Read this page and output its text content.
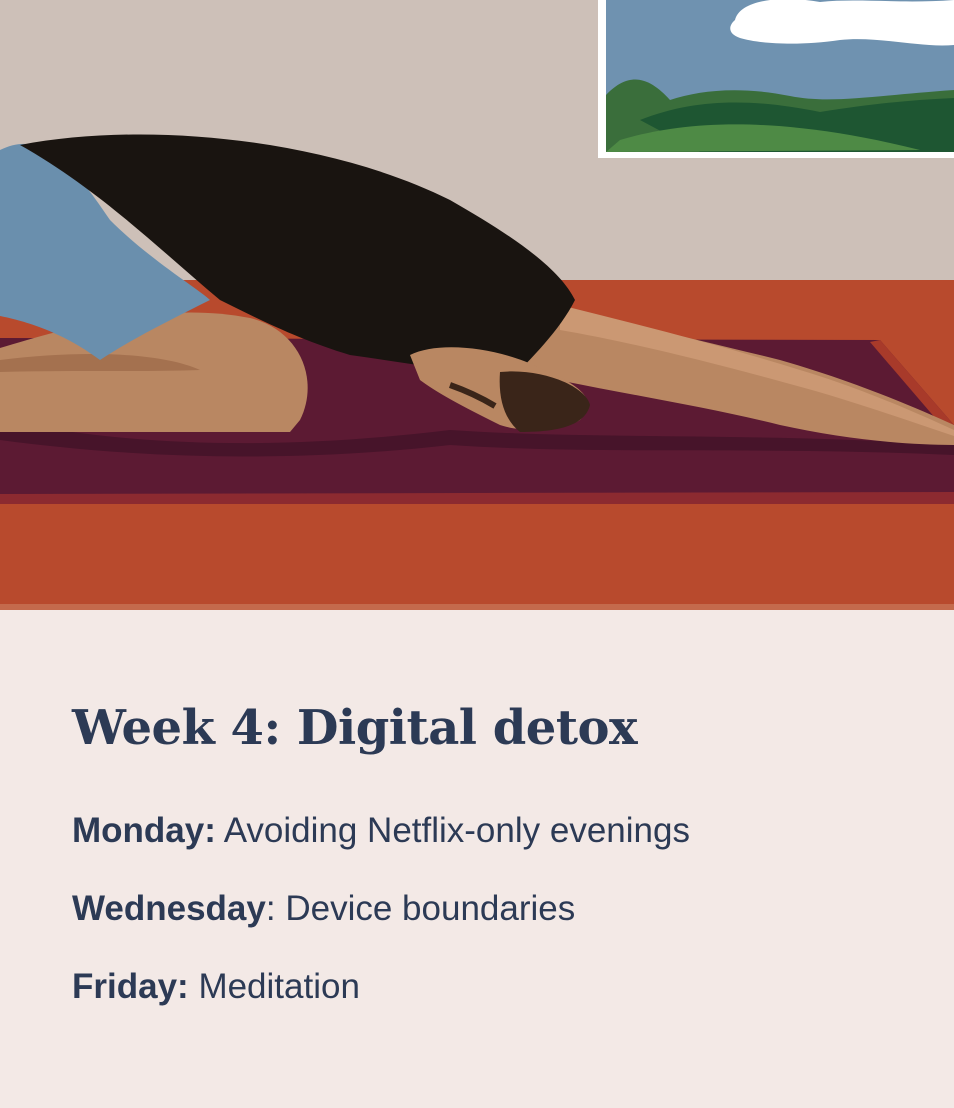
Week 4: Digital detox
Monday: Avoiding Netflix-only evenings
Wednesday: Device boundaries
Friday: Meditation
